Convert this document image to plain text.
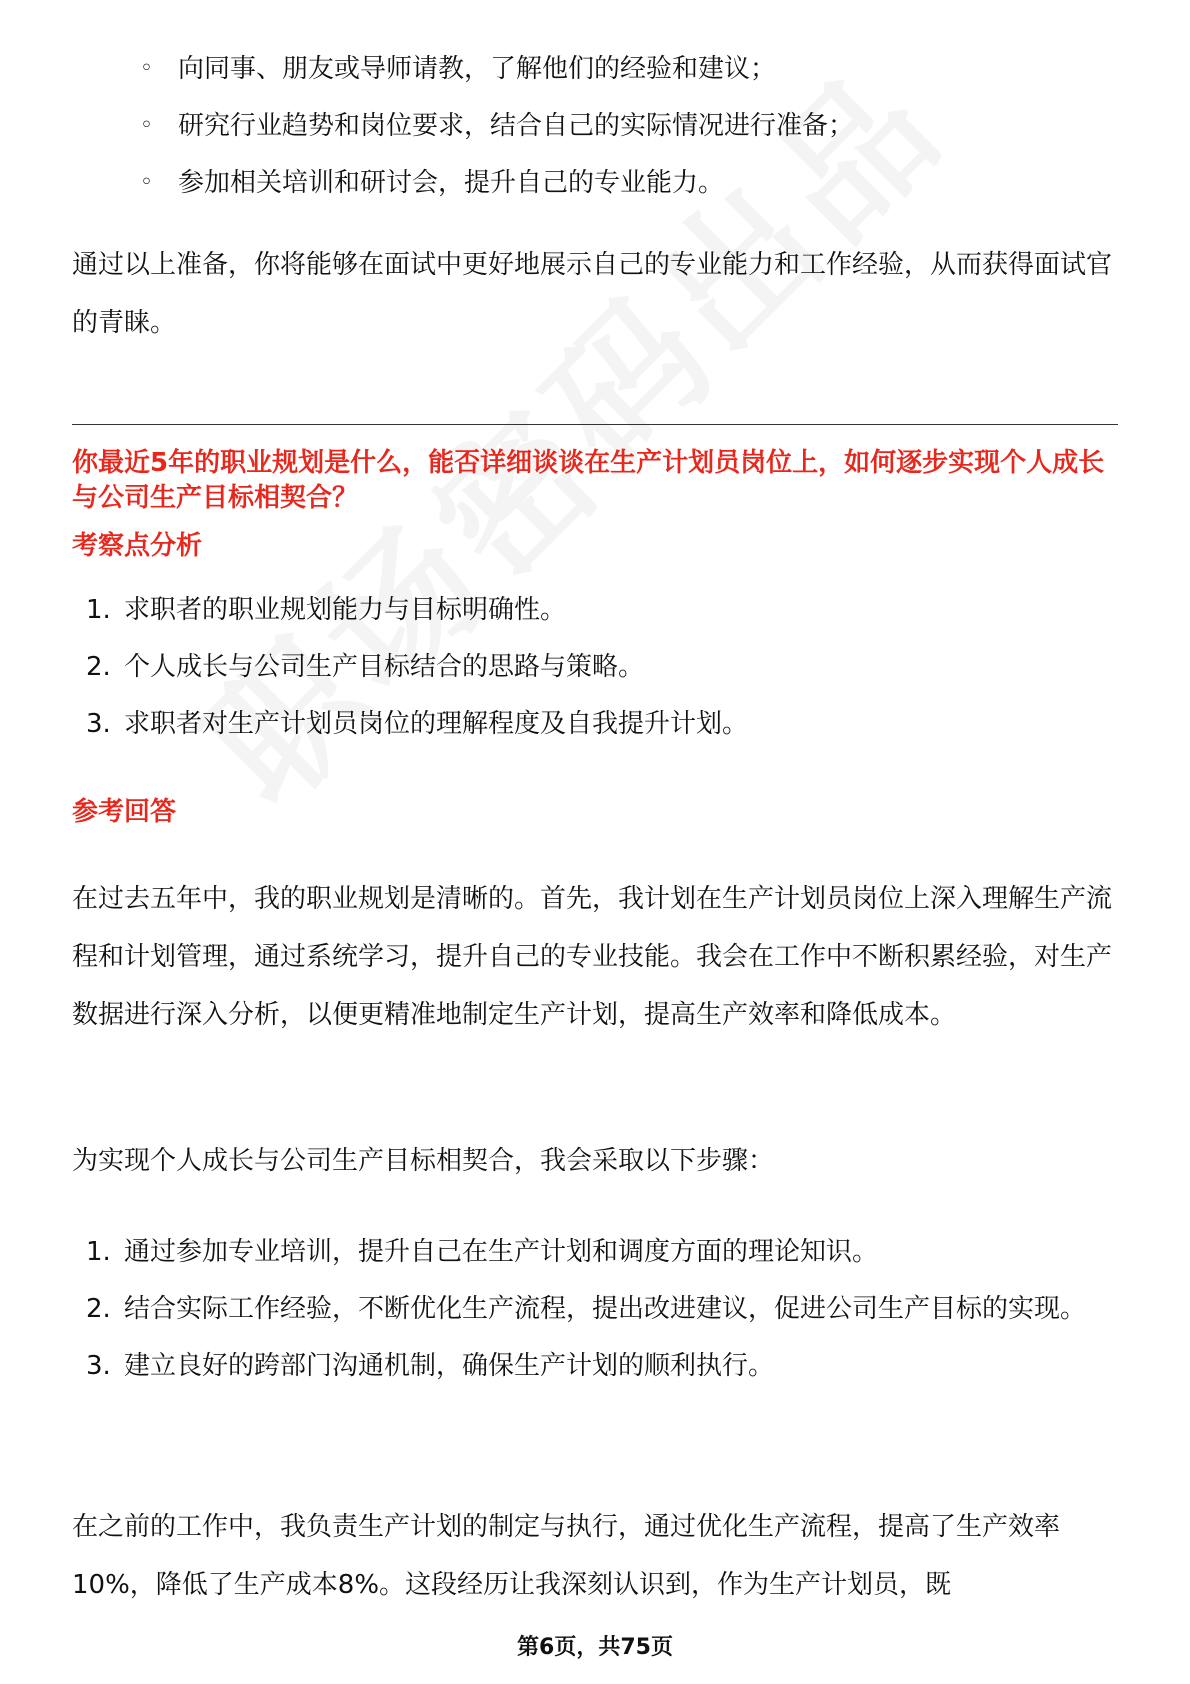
◦ 向同事、朋友或导师请教，了解他们的经验和建议；
◦ 研究行业趋势和岗位要求，结合自己的实际情况进行准备；
◦ 参加相关培训和研讨会，提升自己的专业能力。
通过以上准备，你将能够在面试中更好地展示自己的专业能力和工作经验，从而获得面试官的青睐。
你最近5年的职业规划是什么，能否详细谈谈在生产计划员岗位上，如何逐步实现个人成长与公司生产目标相契合？
考察点分析
1. 求职者的职业规划能力与目标明确性。
2. 个人成长与公司生产目标结合的思路与策略。
3. 求职者对生产计划员岗位的理解程度及自我提升计划。
参考回答
在过去五年中，我的职业规划是清晰的。首先，我计划在生产计划员岗位上深入理解生产流程和计划管理，通过系统学习，提升自己的专业技能。我会在工作中不断积累经验，对生产数据进行深入分析，以便更精准地制定生产计划，提高生产效率和降低成本。
为实现个人成长与公司生产目标相契合，我会采取以下步骤：
1. 通过参加专业培训，提升自己在生产计划和调度方面的理论知识。
2. 结合实际工作经验，不断优化生产流程，提出改进建议，促进公司生产目标的实现。
3. 建立良好的跨部门沟通机制，确保生产计划的顺利执行。
在之前的工作中，我负责生产计划的制定与执行，通过优化生产流程，提高了生产效率10%，降低了生产成本8%。这段经历让我深刻认识到，作为生产计划员，既
第6页，共75页
